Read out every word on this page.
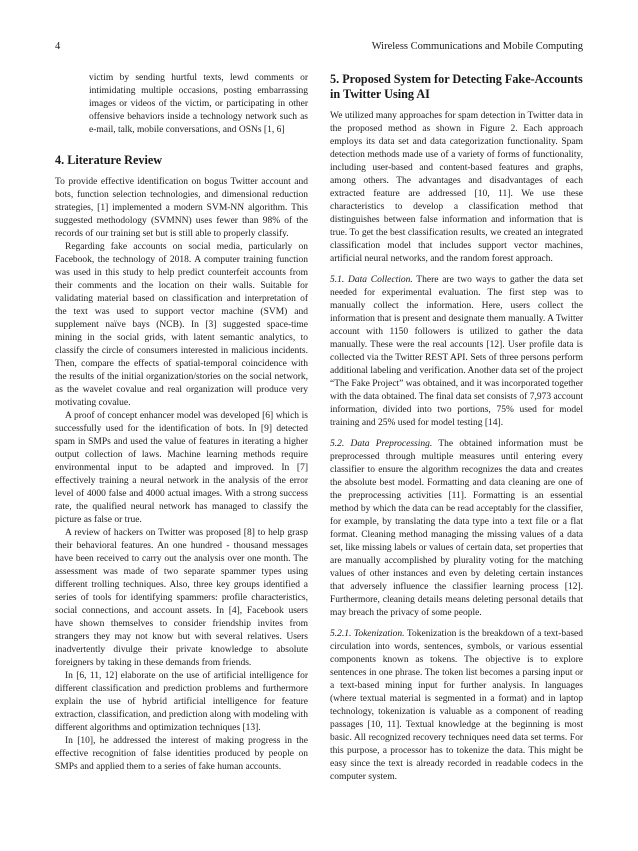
4	Wireless Communications and Mobile Computing

victim by sending hurtful texts, lewd comments or intimidating multiple occasions, posting embarrassing images or videos of the victim, or participating in other offensive behaviors inside a technology network such as e-mail, talk, mobile conversations, and OSNs [1, 6]

4. Literature Review

To provide effective identification on bogus Twitter account and bots, function selection technologies, and dimensional reduction strategies, [1] implemented a modern SVM-NN algorithm. This suggested methodology (SVMNN) uses fewer than 98% of the records of our training set but is still able to properly classify.

Regarding fake accounts on social media, particularly on Facebook, the technology of 2018. A computer training function was used in this study to help predict counterfeit accounts from their comments and the location on their walls. Suitable for validating material based on classification and interpretation of the text was used to support vector machine (SVM) and supplement naïve bays (NCB). In [3] suggested space-time mining in the social grids, with latent semantic analytics, to classify the circle of consumers interested in malicious incidents. Then, compare the effects of spatial-temporal coincidence with the results of the initial organization/stories on the social network, as the wavelet covalue and real organization will produce very motivating covalue.

A proof of concept enhancer model was developed [6] which is successfully used for the identification of bots. In [9] detected spam in SMPs and used the value of features in iterating a higher output collection of laws. Machine learning methods require environmental input to be adapted and improved. In [7] effectively training a neural network in the analysis of the error level of 4000 false and 4000 actual images. With a strong success rate, the qualified neural network has managed to classify the picture as false or true.

A review of hackers on Twitter was proposed [8] to help grasp their behavioral features. An one hundred - thousand messages have been received to carry out the analysis over one month. The assessment was made of two separate spammer types using different trolling techniques. Also, three key groups identified a series of tools for identifying spammers: profile characteristics, social connections, and account assets. In [4], Facebook users have shown themselves to consider friendship invites from strangers they may not know but with several relatives. Users inadvertently divulge their private knowledge to absolute foreigners by taking in these demands from friends.

In [6, 11, 12] elaborate on the use of artificial intelligence for different classification and prediction problems and furthermore explain the use of hybrid artificial intelligence for feature extraction, classification, and prediction along with modeling with different algorithms and optimization techniques [13].

In [10], he addressed the interest of making progress in the effective recognition of false identities produced by people on SMPs and applied them to a series of fake human accounts.

5. Proposed System for Detecting Fake-Accounts in Twitter Using AI

We utilized many approaches for spam detection in Twitter data in the proposed method as shown in Figure 2. Each approach employs its data set and data categorization functionality. Spam detection methods made use of a variety of forms of functionality, including user-based and content-based features and graphs, among others. The advantages and disadvantages of each extracted feature are addressed [10, 11]. We use these characteristics to develop a classification method that distinguishes between false information and information that is true. To get the best classification results, we created an integrated classification model that includes support vector machines, artificial neural networks, and the random forest approach.

5.1. Data Collection. There are two ways to gather the data set needed for experimental evaluation. The first step was to manually collect the information. Here, users collect the information that is present and designate them manually. A Twitter account with 1150 followers is utilized to gather the data manually. These were the real accounts [12]. User profile data is collected via the Twitter REST API. Sets of three persons perform additional labeling and verification. Another data set of the project “The Fake Project” was obtained, and it was incorporated together with the data obtained. The final data set consists of 7,973 account information, divided into two portions, 75% used for model training and 25% used for model testing [14].

5.2. Data Preprocessing. The obtained information must be preprocessed through multiple measures until entering every classifier to ensure the algorithm recognizes the data and creates the absolute best model. Formatting and data cleaning are one of the preprocessing activities [11]. Formatting is an essential method by which the data can be read acceptably for the classifier, for example, by translating the data type into a text file or a flat format. Cleaning method managing the missing values of a data set, like missing labels or values of certain data, set properties that are manually accomplished by plurality voting for the matching values of other instances and even by deleting certain instances that adversely influence the classifier learning process [12]. Furthermore, cleaning details means deleting personal details that may breach the privacy of some people.

5.2.1. Tokenization. Tokenization is the breakdown of a text-based circulation into words, sentences, symbols, or various essential components known as tokens. The objective is to explore sentences in one phrase. The token list becomes a parsing input or a text-based mining input for further analysis. In languages (where textual material is segmented in a format) and in laptop technology, tokenization is valuable as a component of reading passages [10, 11]. Textual knowledge at the beginning is most basic. All recognized recovery techniques need data set terms. For this purpose, a processor has to tokenize the data. This might be easy since the text is already recorded in readable codecs in the computer system.
